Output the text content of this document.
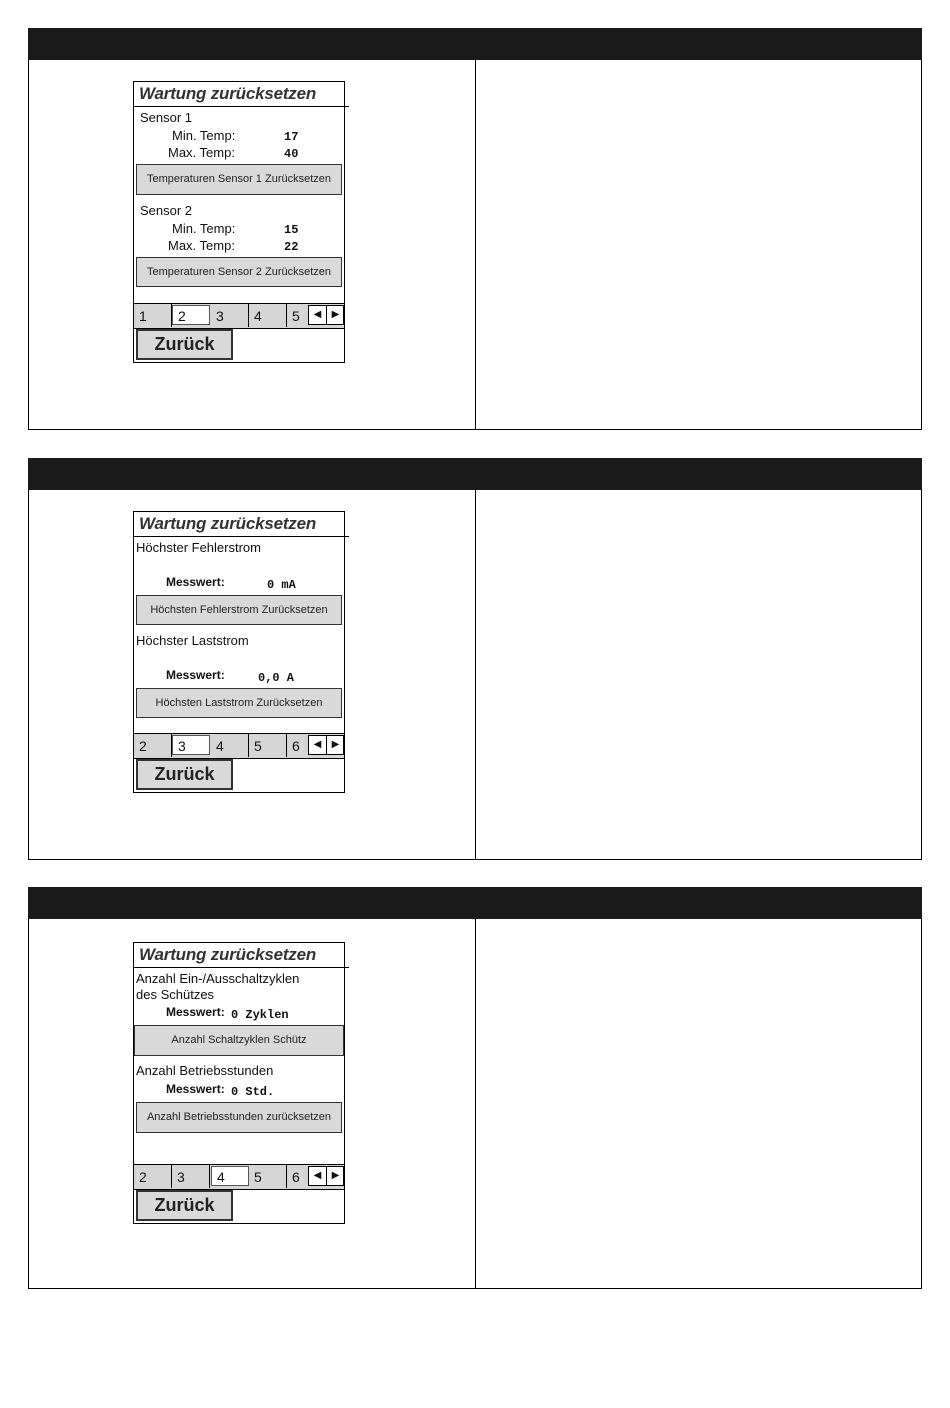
Wartung zurücksetzen
Sensor 1
Min. Temp:	17
Max. Temp:	40
Temperaturen Sensor 1 Zurücksetzen
Sensor 2
Min. Temp:	15
Max. Temp:	22
Temperaturen Sensor 2 Zurücksetzen
1	2	3	4	5	◀	▶
Zurück
Wartung zurücksetzen
Höchster Fehlerstrom
Messwert:	0 mA
Höchsten Fehlerstrom Zurücksetzen
Höchster Laststrom
Messwert:	0,0 A
Höchsten Laststrom Zurücksetzen
2	3	4	5	6	◀	▶
Zurück
Wartung zurücksetzen
Anzahl Ein-/Ausschaltzyklen
des Schützes
Messwert: 0 Zyklen
Anzahl Schaltzyklen Schütz
Anzahl Betriebsstunden
Messwert: 0 Std.
Anzahl Betriebsstunden zurücksetzen
2	3	4	5	6	◀	▶
Zurück
